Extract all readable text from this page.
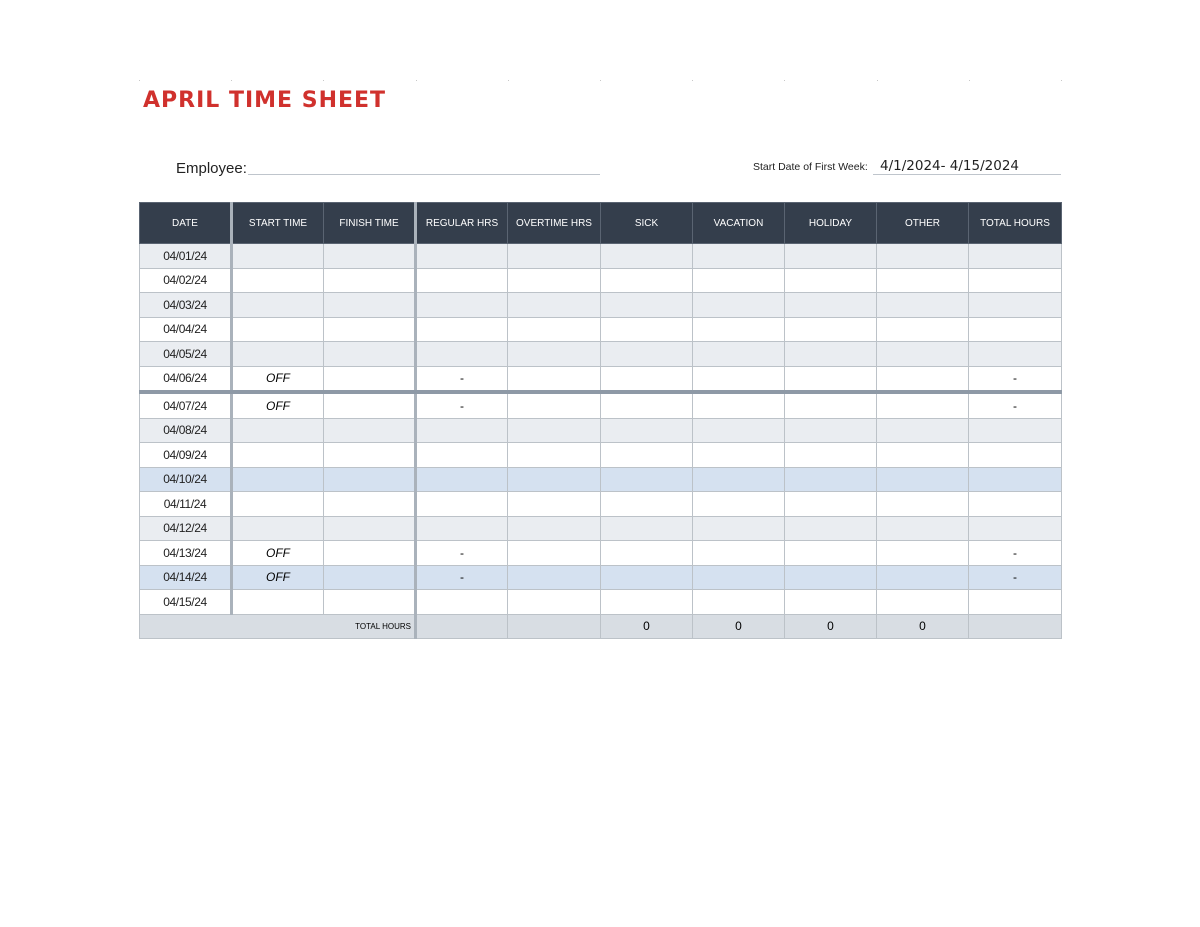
APRIL TIME SHEET
Employee:	Start Date of First Week: 4/1/2024- 4/15/2024
DATE	START TIME	FINISH TIME	REGULAR HRS	OVERTIME HRS	SICK	VACATION	HOLIDAY	OTHER	TOTAL HOURS
04/01/24									
04/02/24									
04/03/24									
04/04/24									
04/05/24									
04/06/24	OFF		-						-
04/07/24	OFF		-						-
04/08/24									
04/09/24									
04/10/24									
04/11/24									
04/12/24									
04/13/24	OFF		-						-
04/14/24	OFF		-						-
04/15/24									
TOTAL HOURS					0	0	0	0	
